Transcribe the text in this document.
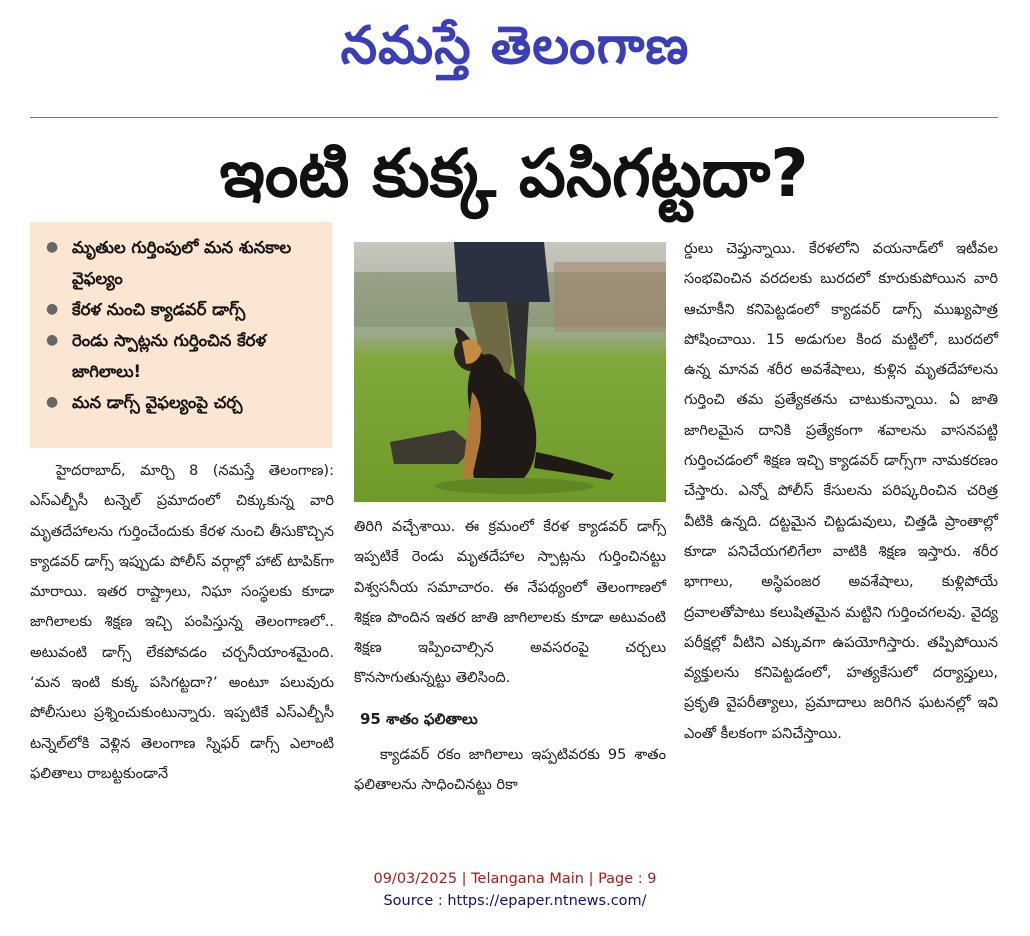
నమస్తే తెలంగాణ
ఇంటి కుక్క పసిగట్టదా?
● మృతుల గుర్తింపులో మన శునకాల వైఫల్యం
● కేరళ నుంచి క్యాడవర్ డాగ్స్
● రెండు స్పాట్లను గుర్తించిన కేరళ జాగిలాలు!
● మన డాగ్స్ వైఫల్యంపై చర్చ

హైదరాబాద్, మార్చి 8 (నమస్తే తెలంగాణ): ఎస్ఎల్బీసీ టన్నెల్ ప్రమాదంలో చిక్కుకున్న వారి మృతదేహాలను గుర్తించేందుకు కేరళ నుంచి తీసుకొచ్చిన క్యాడవర్ డాగ్స్ ఇప్పుడు పోలీస్ వర్గాల్లో హాట్ టాపిక్‌గా మారాయి. ఇతర రాష్ట్రాలు, నిఘా సంస్థలకు కూడా జాగిలాలకు శిక్షణ ఇచ్చి పంపిస్తున్న తెలంగాణలో.. అటువంటి డాగ్స్ లేకపోవడం చర్చనీయాంశమైంది. ‘మన ఇంటి కుక్క పసిగట్టదా?’ అంటూ పలువురు పోలీసులు ప్రశ్నించుకుంటున్నారు. ఇప్పటికే ఎస్ఎల్బీసీ టన్నెల్‌లోకి వెళ్లిన తెలంగాణ స్నిఫర్ డాగ్స్ ఎలాంటి ఫలితాలు రాబట్టకుండానే

తిరిగి వచ్చేశాయి. ఈ క్రమంలో కేరళ క్యాడవర్ డాగ్స్ ఇప్పటికే రెండు మృతదేహాల స్పాట్లను గుర్తించినట్టు విశ్వసనీయ సమాచారం. ఈ నేపథ్యంలో తెలంగాణలో శిక్షణ పొందిన ఇతర జాతి జాగిలాలకు కూడా అటువంటి శిక్షణ ఇప్పించాల్సిన అవసరంపై చర్చలు కొనసాగుతున్నట్టు తెలిసింది.

95 శాతం ఫలితాలు

క్యాడవర్ రకం జాగిలాలు ఇప్పటివరకు 95 శాతం ఫలితాలను సాధించినట్టు రికా

ర్డులు చెప్తున్నాయి. కేరళలోని వయనాడ్‌లో ఇటీవల సంభవించిన వరదలకు బురదలో కూరుకుపోయిన వారి ఆచూకీని కనిపెట్టడంలో క్యాడవర్ డాగ్స్ ముఖ్యపాత్ర పోషించాయి. 15 అడుగుల కింద మట్టిలో, బురదలో ఉన్న మానవ శరీర అవశేషాలు, కుళ్లిన మృతదేహాలను గుర్తించి తమ ప్రత్యేకతను చాటుకున్నాయి. ఏ జాతి జాగిలమైన దానికి ప్రత్యేకంగా శవాలను వాసనపట్టి గుర్తించడంలో శిక్షణ ఇచ్చి క్యాడవర్ డాగ్స్‌గా నామకరణం చేస్తారు. ఎన్నో పోలీస్ కేసులను పరిష్కరించిన చరిత్ర వీటికి ఉన్నది. దట్టమైన చిట్టడువులు, చిత్తడి ప్రాంతాల్లో కూడా పనిచేయగలిగేలా వాటికి శిక్షణ ఇస్తారు. శరీర భాగాలు, అస్థిపంజర అవశేషాలు, కుళ్లిపోయే ద్రవాలతోపాటు కలుషితమైన మట్టిని గుర్తించగలవు. వైద్య పరీక్షల్లో వీటిని ఎక్కువగా ఉపయోగిస్తారు. తప్పిపోయిన వ్యక్తులను కనిపెట్టడంలో, హత్యకేసులో దర్యాప్తులు, ప్రకృతి వైపరీత్యాలు, ప్రమాదాలు జరిగిన ఘటనల్లో ఇవి ఎంతో కీలకంగా పనిచేస్తాయి.

09/03/2025 | Telangana Main | Page : 9
Source : https://epaper.ntnews.com/
